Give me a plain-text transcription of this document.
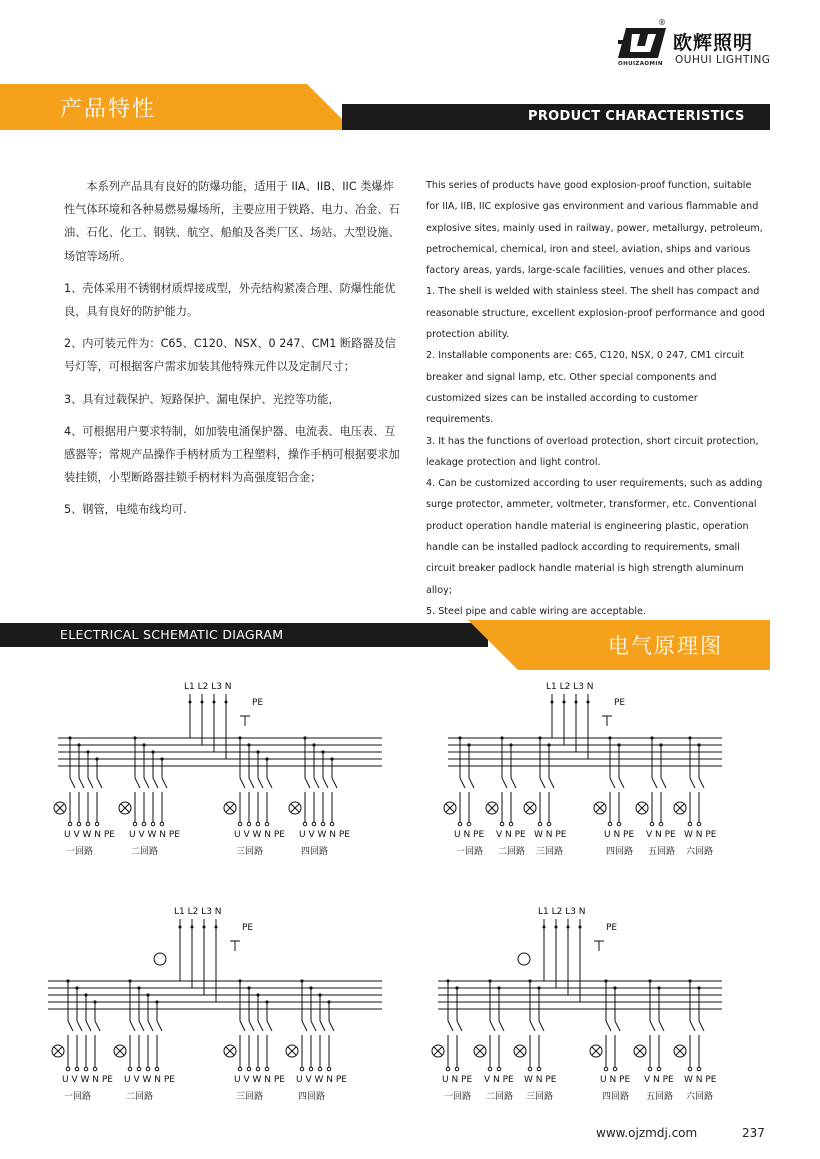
®
欧辉照明
OUHUI LIGHTING
OHUIZAOMIN
产品特性	PRODUCT CHARACTERISTICS

本系列产品具有良好的防爆功能，适用于 IIA、IIB、IIC 类爆炸性气体环境和各种易燃易爆场所，主要应用于铁路、电力、冶金、石油、石化、化工、钢铁、航空、船舶及各类厂区、场站、大型设施、场馆等场所。

1、壳体采用不锈钢材质焊接成型，外壳结构紧凑合理、防爆性能优良，具有良好的防护能力。

2、内可装元件为：C65、C120、NSX、0 247、CM1 断路器及信号灯等，可根据客户需求加装其他特殊元件以及定制尺寸；

3、具有过载保护、短路保护、漏电保护、光控等功能，

4、可根据用户要求特制，如加装电涌保护器、电流表、电压表、互感器等；常规产品操作手柄材质为工程塑料，操作手柄可根据要求加装挂锁，小型断路器挂锁手柄材料为高强度铝合金；

5、钢管，电缆布线均可.

This series of products have good explosion-proof function, suitable for IIA, IIB, IIC explosive gas environment and various flammable and explosive sites, mainly used in railway, power, metallurgy, petroleum, petrochemical, chemical, iron and steel, aviation, ships and various factory areas, yards, large-scale facilities, venues and other places.

1. The shell is welded with stainless steel. The shell has compact and reasonable structure, excellent explosion-proof performance and good protection ability.

2. Installable components are: C65, C120, NSX, 0 247, CM1 circuit breaker and signal lamp, etc. Other special components and customized sizes can be installed according to customer requirements.

3. It has the functions of overload protection, short circuit protection, leakage protection and light control.

4. Can be customized according to user requirements, such as adding surge protector, ammeter, voltmeter, transformer, etc. Conventional product operation handle material is engineering plastic, operation handle can be installed padlock according to requirements, small circuit breaker padlock handle material is high strength aluminum alloy;

5. Steel pipe and cable wiring are acceptable.

ELECTRICAL SCHEMATIC DIAGRAM	电气原理图
L1 L2 L3 N
PE
U V W N PE
一回路
U V W N PE
二回路
U V W N PE
三回路
U V W N PE
四回路
L1 L2 L3 N
PE
U N PE
一回路
V N PE
二回路
W N PE
三回路
U N PE
四回路
V N PE
五回路
W N PE
六回路
L1 L2 L3 N
PE
U V W N PE
一回路
U V W N PE
二回路
U V W N PE
三回路
U V W N PE
四回路
L1 L2 L3 N
PE
U N PE
一回路
V N PE
二回路
W N PE
三回路
U N PE
四回路
V N PE
五回路
W N PE
六回路
www.ojzmdj.com	237
